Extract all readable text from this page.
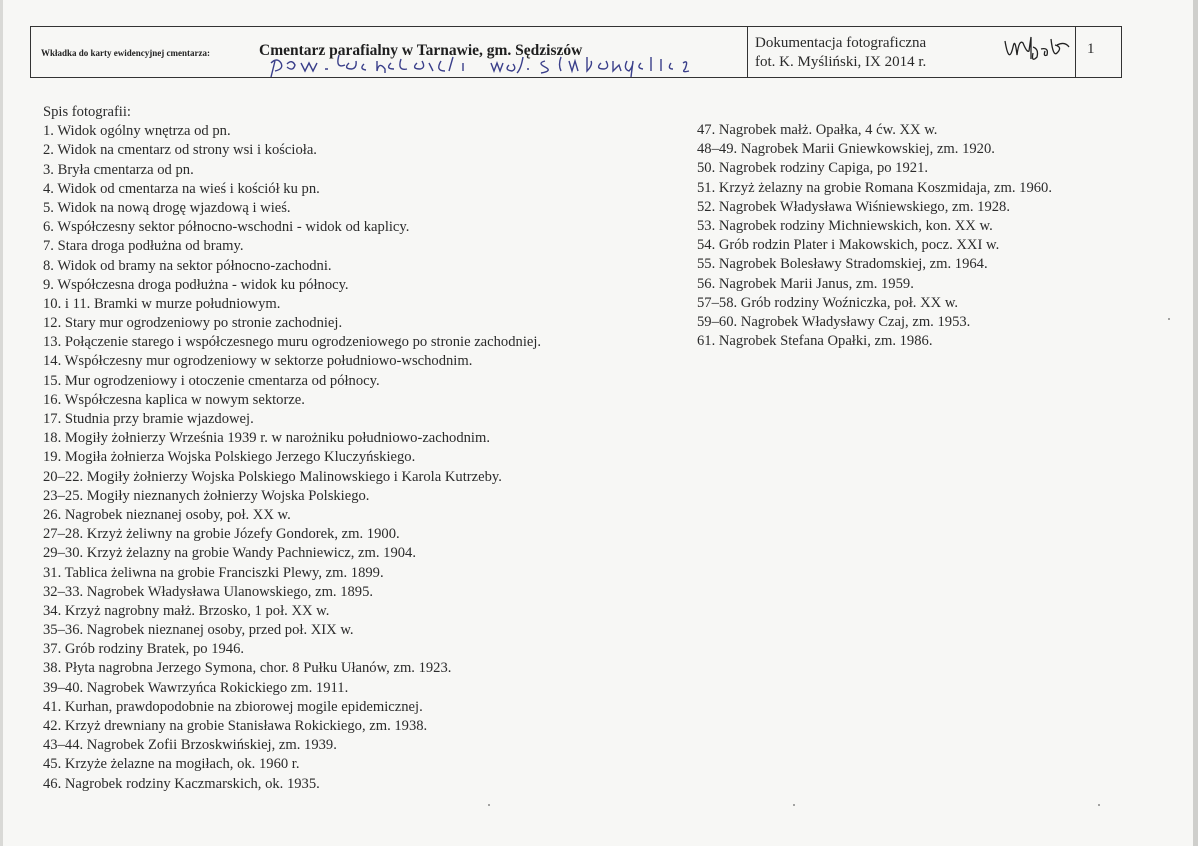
Wkładka do karty ewidencyjnej cmentarza:	Cmentarz parafialny w Tarnawie, gm. Sędziszów	Dokumentacja fotograficzna
fot. K. Myśliński, IX 2014 r.
1
Spis fotografii:
1. Widok ogólny wnętrza od pn.
2. Widok na cmentarz od strony wsi i kościoła.
3. Bryła cmentarza od pn.
4. Widok od cmentarza na wieś i kościół ku pn.
5. Widok na nową drogę wjazdową i wieś.
6. Współczesny sektor północno-wschodni - widok od kaplicy.
7. Stara droga podłużna od bramy.
8. Widok od bramy na sektor północno-zachodni.
9. Współczesna droga podłużna - widok ku północy.
10. i 11. Bramki w murze południowym.
12. Stary mur ogrodzeniowy po stronie zachodniej.
13. Połączenie starego i współczesnego muru ogrodzeniowego po stronie zachodniej.
14. Współczesny mur ogrodzeniowy w sektorze południowo-wschodnim.
15. Mur ogrodzeniowy i otoczenie cmentarza od północy.
16. Współczesna kaplica w nowym sektorze.
17. Studnia przy bramie wjazdowej.
18. Mogiły żołnierzy Września 1939 r. w narożniku południowo-zachodnim.
19. Mogiła żołnierza Wojska Polskiego Jerzego Kluczyńskiego.
20–22. Mogiły żołnierzy Wojska Polskiego Malinowskiego i Karola Kutrzeby.
23–25. Mogiły nieznanych żołnierzy Wojska Polskiego.
26. Nagrobek nieznanej osoby, poł. XX w.
27–28. Krzyż żeliwny na grobie Józefy Gondorek, zm. 1900.
29–30. Krzyż żelazny na grobie Wandy Pachniewicz, zm. 1904.
31. Tablica żeliwna na grobie Franciszki Plewy, zm. 1899.
32–33. Nagrobek Władysława Ulanowskiego, zm. 1895.
34. Krzyż nagrobny małż. Brzosko, 1 poł. XX w.
35–36. Nagrobek nieznanej osoby, przed poł. XIX w.
37. Grób rodziny Bratek, po 1946.
38. Płyta nagrobna Jerzego Symona, chor. 8 Pułku Ułanów, zm. 1923.
39–40. Nagrobek Wawrzyńca Rokickiego zm. 1911.
41. Kurhan, prawdopodobnie na zbiorowej mogile epidemicznej.
42. Krzyż drewniany na grobie Stanisława Rokickiego, zm. 1938.
43–44. Nagrobek Zofii Brzoskwińskiej, zm. 1939.
45. Krzyże żelazne na mogiłach, ok. 1960 r.
46. Nagrobek rodziny Kaczmarskich, ok. 1935.
47. Nagrobek małż. Opałka, 4 ćw. XX w.
48–49. Nagrobek Marii Gniewkowskiej, zm. 1920.
50. Nagrobek rodziny Capiga, po 1921.
51. Krzyż żelazny na grobie Romana Koszmidaja, zm. 1960.
52. Nagrobek Władysława Wiśniewskiego, zm. 1928.
53. Nagrobek rodziny Michniewskich, kon. XX w.
54. Grób rodzin Plater i Makowskich, pocz. XXI w.
55. Nagrobek Bolesławy Stradomskiej, zm. 1964.
56. Nagrobek Marii Janus, zm. 1959.
57–58. Grób rodziny Woźniczka, poł. XX w.
59–60. Nagrobek Władysławy Czaj, zm. 1953.
61. Nagrobek Stefana Opałki, zm. 1986.
